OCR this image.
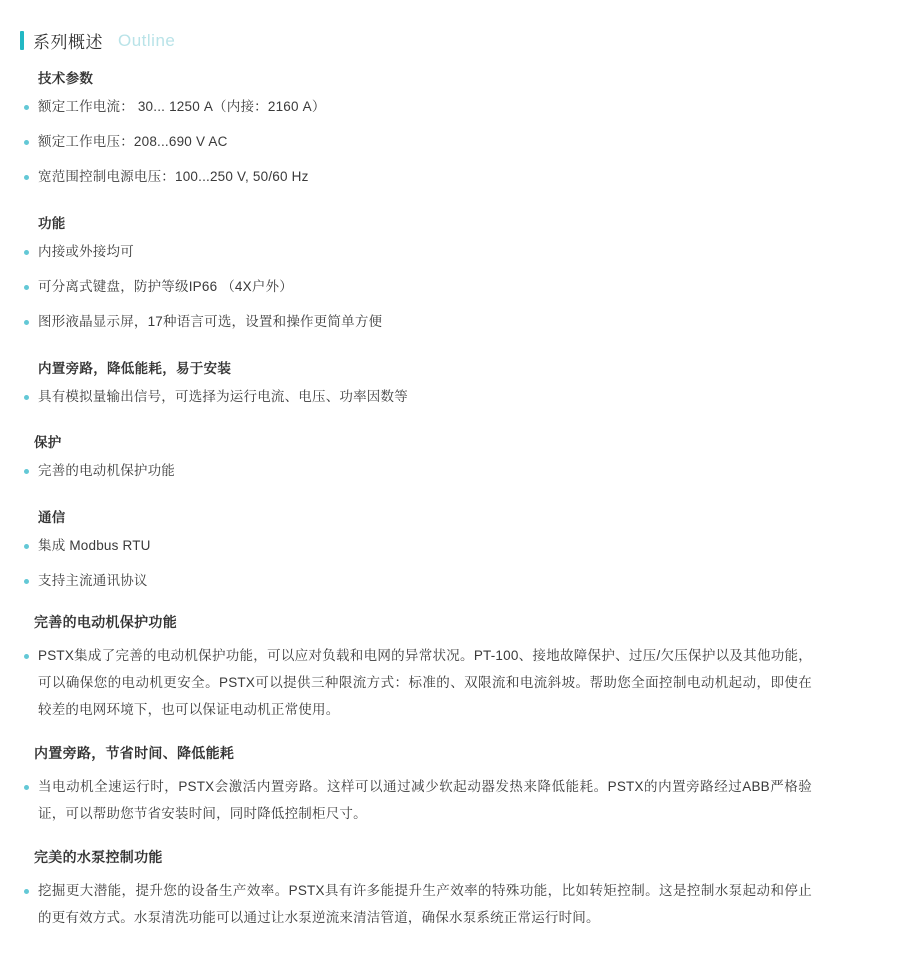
系列概述 Outline
技术参数
额定工作电流： 30... 1250 A（内接：2160 A）
额定工作电压：208...690 V AC
宽范围控制电源电压：100...250 V, 50/60 Hz
功能
内接或外接均可
可分离式键盘，防护等级IP66 （4X户外）
图形液晶显示屏，17种语言可选，设置和操作更简单方便
内置旁路，降低能耗，易于安装
具有模拟量输出信号，可选择为运行电流、电压、功率因数等
保护
完善的电动机保护功能
通信
集成 Modbus RTU
支持主流通讯协议
完善的电动机保护功能
PSTX集成了完善的电动机保护功能，可以应对负载和电网的异常状况。PT-100、接地故障保护、过压/欠压保护以及其他功能，可以确保您的电动机更安全。PSTX可以提供三种限流方式：标准的、双限流和电流斜坡。帮助您全面控制电动机起动，即使在较差的电网环境下，也可以保证电动机正常使用。
内置旁路，节省时间、降低能耗
当电动机全速运行时，PSTX会激活内置旁路。这样可以通过减少软起动器发热来降低能耗。PSTX的内置旁路经过ABB严格验证，可以帮助您节省安装时间，同时降低控制柜尺寸。
完美的水泵控制功能
挖掘更大潜能，提升您的设备生产效率。PSTX具有许多能提升生产效率的特殊功能，比如转矩控制。这是控制水泵起动和停止的更有效方式。水泵清洗功能可以通过让水泵逆流来清洁管道，确保水泵系统正常运行时间。
